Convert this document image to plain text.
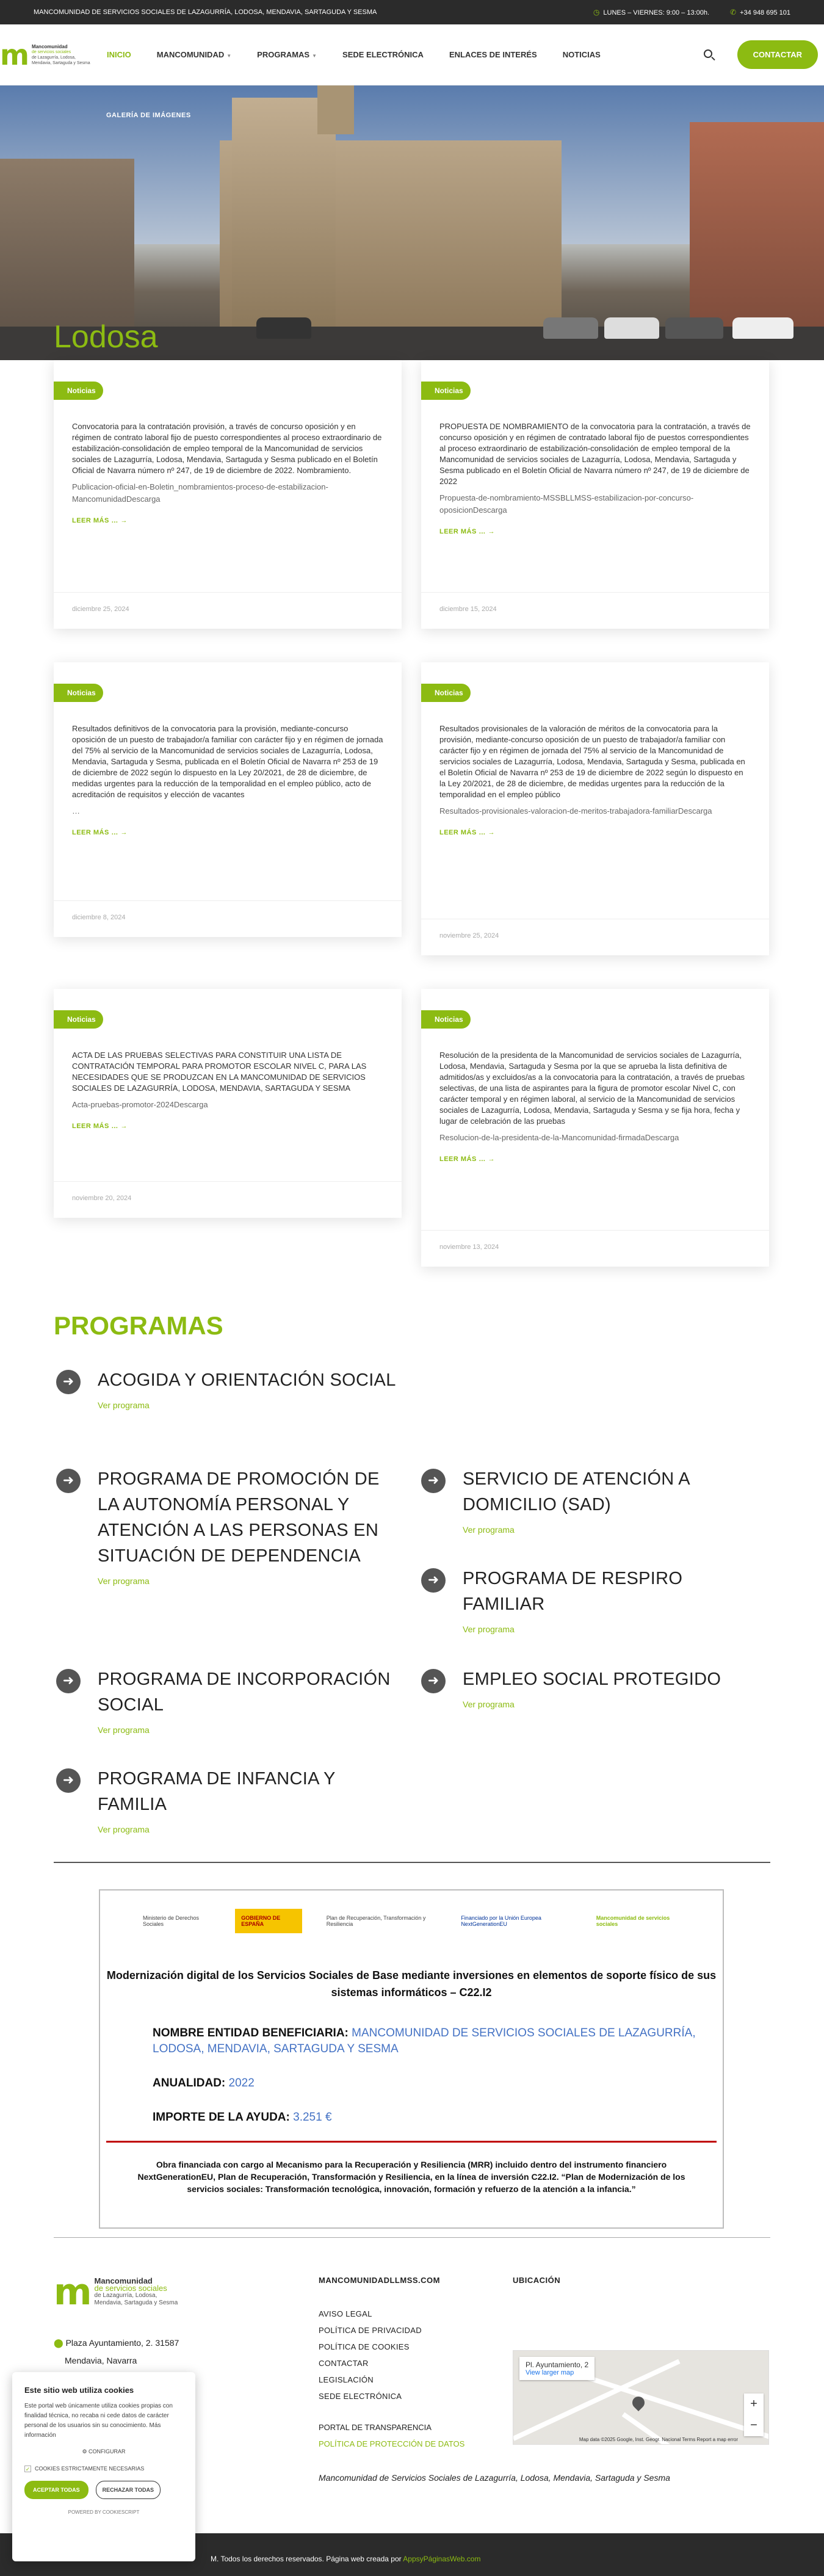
MANCOMUNIDAD DE SERVICIOS SOCIALES DE LAZAGURRÍA, LODOSA, MENDAVIA, SARTAGUDA Y SESMA	◷ LUNES – VIERNES: 9:00 – 13:00h.	✆ +34 948 695 101
m Mancomunidad
de servicios sociales
de Lazagurría, Lodosa,
Mendavia, Sartaguda y Sesma
INICIO	MANCOMUNIDAD ▼	PROGRAMAS ▼	SEDE ELECTRÓNICA	ENLACES DE INTERÉS	NOTICIAS	CONTACTAR
GALERÍA DE IMÁGENES
Lodosa
Noticias
Convocatoria para la contratación provisión, a través de concurso oposición y en régimen de contrato laboral fijo de puesto correspondientes al proceso extraordinario de estabilización-consolidación de empleo temporal de la Mancomunidad de servicios sociales de Lazagurría, Lodosa, Mendavia, Sartaguda y Sesma publicado en el Boletín Oficial de Navarra número nº 247, de 19 de diciembre de 2022. Nombramiento.
Publicacion-oficial-en-Boletin_nombramientos-proceso-de-estabilizacion-MancomunidadDescarga
LEER MÁS … →
diciembre 25, 2024
Noticias
PROPUESTA DE NOMBRAMIENTO de la convocatoria para la contratación, a través de concurso oposición y en régimen de contratado laboral fijo de puestos correspondientes al proceso extraordinario de estabilización-consolidación de empleo temporal de la Mancomunidad de servicios sociales de Lazagurría, Lodosa, Mendavia, Sartaguda y Sesma publicado en el Boletín Oficial de Navarra número nº 247, de 19 de diciembre de 2022
Propuesta-de-nombramiento-MSSBLLMSS-estabilizacion-por-concurso-oposicionDescarga
LEER MÁS … →
diciembre 15, 2024
Noticias
Resultados definitivos de la convocatoria para la provisión, mediante-concurso oposición de un puesto de trabajador/a familiar con carácter fijo y en régimen de jornada del 75% al servicio de la Mancomunidad de servicios sociales de Lazagurría, Lodosa, Mendavia, Sartaguda y Sesma, publicada en el Boletín Oficial de Navarra nº 253 de 19 de diciembre de 2022 según lo dispuesto en la Ley 20/2021, de 28 de diciembre, de medidas urgentes para la reducción de la temporalidad en el empleo público, acto de acreditación de requisitos y elección de vacantes
…
LEER MÁS … →
diciembre 8, 2024
Noticias
Resultados provisionales de la valoración de méritos de la convocatoria para la provisión, mediante-concurso oposición de un puesto de trabajador/a familiar con carácter fijo y en régimen de jornada del 75% al servicio de la Mancomunidad de servicios sociales de Lazagurría, Lodosa, Mendavia, Sartaguda y Sesma, publicada en el Boletín Oficial de Navarra nº 253 de 19 de diciembre de 2022 según lo dispuesto en la Ley 20/2021, de 28 de diciembre, de medidas urgentes para la reducción de la temporalidad en el empleo público
Resultados-provisionales-valoracion-de-meritos-trabajadora-familiarDescarga
LEER MÁS … →
noviembre 25, 2024
Noticias
ACTA DE LAS PRUEBAS SELECTIVAS PARA CONSTITUIR UNA LISTA DE CONTRATACIÓN TEMPORAL PARA PROMOTOR ESCOLAR NIVEL C, PARA LAS NECESIDADES QUE SE PRODUZCAN EN LA MANCOMUNIDAD DE SERVICIOS SOCIALES DE LAZAGURRÍA, LODOSA, MENDAVIA, SARTAGUDA Y SESMA
Acta-pruebas-promotor-2024Descarga
LEER MÁS … →
noviembre 20, 2024
Noticias
Resolución de la presidenta de la Mancomunidad de servicios sociales de Lazagurría, Lodosa, Mendavia, Sartaguda y Sesma por la que se aprueba la lista definitiva de admitidos/as y excluidos/as a la convocatoria para la contratación, a través de pruebas selectivas, de una lista de aspirantes para la figura de promotor escolar Nivel C, con carácter temporal y en régimen laboral, al servicio de la Mancomunidad de servicios sociales de Lazagurría, Lodosa, Mendavia, Sartaguda y Sesma y se fija hora, fecha y lugar de celebración de las pruebas
Resolucion-de-la-presidenta-de-la-Mancomunidad-firmadaDescarga
LEER MÁS … →
noviembre 13, 2024
PROGRAMAS
➜	ACOGIDA Y ORIENTACIÓN SOCIAL
Ver programa
➜	PROGRAMA DE PROMOCIÓN DE LA AUTONOMÍA PERSONAL Y ATENCIÓN A LAS PERSONAS EN SITUACIÓN DE DEPENDENCIA
Ver programa
➜	SERVICIO DE ATENCIÓN A DOMICILIO (SAD)
Ver programa
➜	PROGRAMA DE RESPIRO FAMILIAR
Ver programa
➜	PROGRAMA DE INCORPORACIÓN SOCIAL
Ver programa
➜	EMPLEO SOCIAL PROTEGIDO
Ver programa
➜	PROGRAMA DE INFANCIA Y FAMILIA
Ver programa
Ministerio de Derechos Sociales
GOBIERNO DE ESPAÑA
Plan de Recuperación, Transformación y Resiliencia
Financiado por la Unión Europea NextGenerationEU
Mancomunidad de servicios sociales
Modernización digital de los Servicios Sociales de Base mediante inversiones en elementos de soporte físico de sus sistemas informáticos – C22.I2
NOMBRE ENTIDAD BENEFICIARIA: MANCOMUNIDAD DE SERVICIOS SOCIALES DE LAZAGURRÍA, LODOSA, MENDAVIA, SARTAGUDA Y SESMA
ANUALIDAD: 2022
IMPORTE DE LA AYUDA: 3.251 €
Obra financiada con cargo al Mecanismo para la Recuperación y Resiliencia (MRR) incluido dentro del instrumento financiero NextGenerationEU, Plan de Recuperación, Transformación y Resiliencia, en la línea de inversión C22.I2. “Plan de Modernización de los servicios sociales: Transformación tecnológica, innovación, formación y refuerzo de la atención a la infancia.”
m Mancomunidad
de servicios sociales
de Lazagurría, Lodosa,
Mendavia, Sartaguda y Sesma
⬤ Plaza Ayuntamiento, 2. 31587
Mendavia, Navarra
MANCOMUNIDADLLMSS.COM
AVISO LEGAL
POLÍTICA DE PRIVACIDAD
POLÍTICA DE COOKIES
CONTACTAR
LEGISLACIÓN
SEDE ELECTRÓNICA
PORTAL DE TRANSPARENCIA
POLÍTICA DE PROTECCIÓN DE DATOS
Mancomunidad de Servicios Sociales de Lazagurría, Lodosa, Mendavia, Sartaguda y Sesma
UBICACIÓN
Pl. Ayuntamiento, 2
View larger map
+
−
Map data ©2025 Google, Inst. Geogr. Nacional Terms Report a map error
M. Todos los derechos reservados. Página web creada por AppsyPáginasWeb.com
Este sitio web utiliza cookies
Este portal web únicamente utiliza cookies propias con finalidad técnica, no recaba ni cede datos de carácter personal de los usuarios sin su conocimiento. Más información
⚙ CONFIGURAR
✓ COOKIES ESTRICTAMENTE NECESARIAS
ACEPTAR TODAS	RECHAZAR TODAS
POWERED BY COOKIESCRIPT
